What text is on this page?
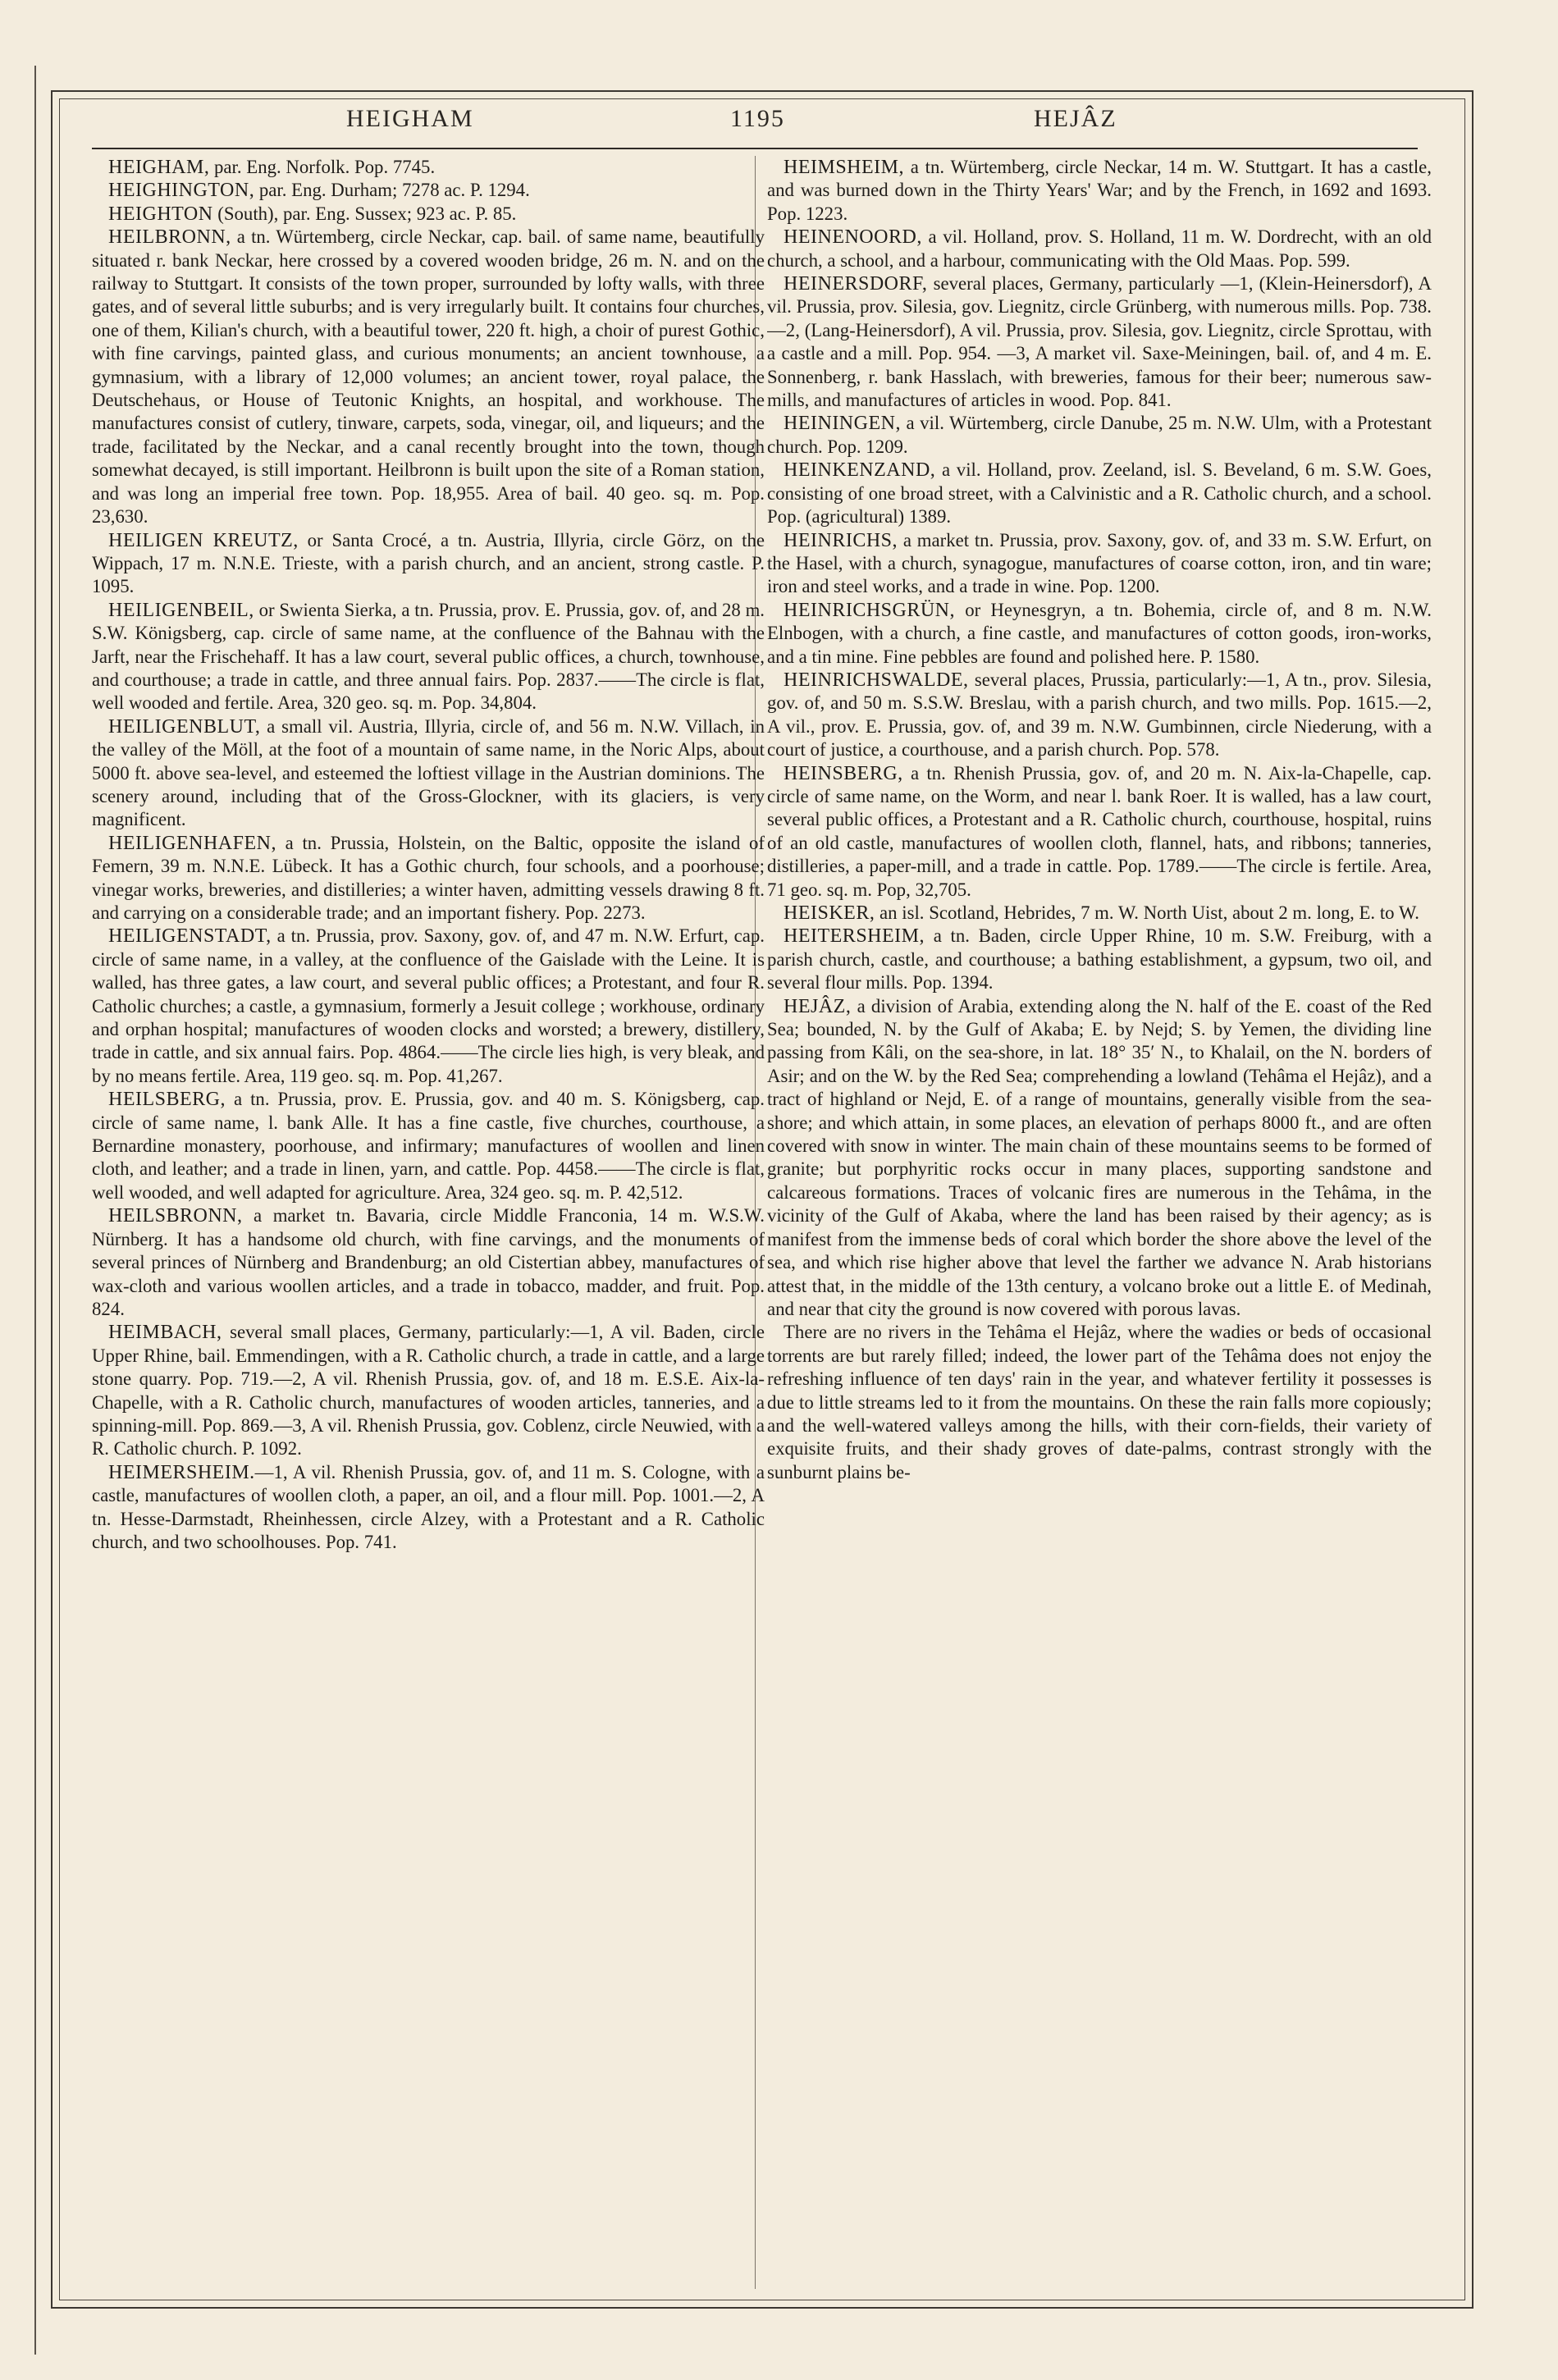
HEIGHAM	1195	HEJÂZ

HEIGHAM, par. Eng. Norfolk. Pop. 7745.

HEIGHINGTON, par. Eng. Durham; 7278 ac. P. 1294.

HEIGHTON (South), par. Eng. Sussex; 923 ac. P. 85.

HEILBRONN, a tn. Würtemberg, circle Neckar, cap. bail. of same name, beautifully situated r. bank Neckar, here crossed by a covered wooden bridge, 26 m. N. and on the railway to Stuttgart. It consists of the town proper, surrounded by lofty walls, with three gates, and of several little suburbs; and is very irregularly built. It contains four churches, one of them, Kilian's church, with a beautiful tower, 220 ft. high, a choir of purest Gothic, with fine carvings, painted glass, and curious monuments; an ancient townhouse, a gymnasium, with a library of 12,000 volumes; an ancient tower, royal palace, the Deutschehaus, or House of Teutonic Knights, an hospital, and workhouse. The manufactures consist of cutlery, tinware, carpets, soda, vinegar, oil, and liqueurs; and the trade, facilitated by the Neckar, and a canal recently brought into the town, though somewhat decayed, is still important. Heilbronn is built upon the site of a Roman station, and was long an imperial free town. Pop. 18,955. Area of bail. 40 geo. sq. m. Pop. 23,630.

HEILIGEN KREUTZ, or Santa Crocé, a tn. Austria, Illyria, circle Görz, on the Wippach, 17 m. N.N.E. Trieste, with a parish church, and an ancient, strong castle. P. 1095.

HEILIGENBEIL, or Swienta Sierka, a tn. Prussia, prov. E. Prussia, gov. of, and 28 m. S.W. Königsberg, cap. circle of same name, at the confluence of the Bahnau with the Jarft, near the Frischehaff. It has a law court, several public offices, a church, townhouse, and courthouse; a trade in cattle, and three annual fairs. Pop. 2837.——The circle is flat, well wooded and fertile. Area, 320 geo. sq. m. Pop. 34,804.

HEILIGENBLUT, a small vil. Austria, Illyria, circle of, and 56 m. N.W. Villach, in the valley of the Möll, at the foot of a mountain of same name, in the Noric Alps, about 5000 ft. above sea-level, and esteemed the loftiest village in the Austrian dominions. The scenery around, including that of the Gross-Glockner, with its glaciers, is very magnificent.

HEILIGENHAFEN, a tn. Prussia, Holstein, on the Baltic, opposite the island of Femern, 39 m. N.N.E. Lübeck. It has a Gothic church, four schools, and a poorhouse; vinegar works, breweries, and distilleries; a winter haven, admitting vessels drawing 8 ft. and carrying on a considerable trade; and an important fishery. Pop. 2273.

HEILIGENSTADT, a tn. Prussia, prov. Saxony, gov. of, and 47 m. N.W. Erfurt, cap. circle of same name, in a valley, at the confluence of the Gaislade with the Leine. It is walled, has three gates, a law court, and several public offices; a Protestant, and four R. Catholic churches; a castle, a gymnasium, formerly a Jesuit college ; workhouse, ordinary and orphan hospital; manufactures of wooden clocks and worsted; a brewery, distillery, trade in cattle, and six annual fairs. Pop. 4864.——The circle lies high, is very bleak, and by no means fertile. Area, 119 geo. sq. m. Pop. 41,267.

HEILSBERG, a tn. Prussia, prov. E. Prussia, gov. and 40 m. S. Königsberg, cap. circle of same name, l. bank Alle. It has a fine castle, five churches, courthouse, a Bernardine monastery, poorhouse, and infirmary; manufactures of woollen and linen cloth, and leather; and a trade in linen, yarn, and cattle. Pop. 4458.——The circle is flat, well wooded, and well adapted for agriculture. Area, 324 geo. sq. m. P. 42,512.

HEILSBRONN, a market tn. Bavaria, circle Middle Franconia, 14 m. W.S.W. Nürnberg. It has a handsome old church, with fine carvings, and the monuments of several princes of Nürnberg and Brandenburg; an old Cistertian abbey, manufactures of wax-cloth and various woollen articles, and a trade in tobacco, madder, and fruit. Pop. 824.

HEIMBACH, several small places, Germany, particularly:—1, A vil. Baden, circle Upper Rhine, bail. Emmendingen, with a R. Catholic church, a trade in cattle, and a large stone quarry. Pop. 719.—2, A vil. Rhenish Prussia, gov. of, and 18 m. E.S.E. Aix-la-Chapelle, with a R. Catholic church, manufactures of wooden articles, tanneries, and a spinning-mill. Pop. 869.—3, A vil. Rhenish Prussia, gov. Coblenz, circle Neuwied, with a R. Catholic church. P. 1092.

HEIMERSHEIM.—1, A vil. Rhenish Prussia, gov. of, and 11 m. S. Cologne, with a castle, manufactures of woollen cloth, a paper, an oil, and a flour mill. Pop. 1001.—2, A tn. Hesse-Darmstadt, Rheinhessen, circle Alzey, with a Protestant and a R. Catholic church, and two schoolhouses. Pop. 741.

HEIMSHEIM, a tn. Würtemberg, circle Neckar, 14 m. W. Stuttgart. It has a castle, and was burned down in the Thirty Years' War; and by the French, in 1692 and 1693. Pop. 1223.

HEINENOORD, a vil. Holland, prov. S. Holland, 11 m. W. Dordrecht, with an old church, a school, and a harbour, communicating with the Old Maas. Pop. 599.

HEINERSDORF, several places, Germany, particularly —1, (Klein-Heinersdorf), A vil. Prussia, prov. Silesia, gov. Liegnitz, circle Grünberg, with numerous mills. Pop. 738. —2, (Lang-Heinersdorf), A vil. Prussia, prov. Silesia, gov. Liegnitz, circle Sprottau, with a castle and a mill. Pop. 954. —3, A market vil. Saxe-Meiningen, bail. of, and 4 m. E. Sonnenberg, r. bank Hasslach, with breweries, famous for their beer; numerous saw-mills, and manufactures of articles in wood. Pop. 841.

HEININGEN, a vil. Würtemberg, circle Danube, 25 m. N.W. Ulm, with a Protestant church. Pop. 1209.

HEINKENZAND, a vil. Holland, prov. Zeeland, isl. S. Beveland, 6 m. S.W. Goes, consisting of one broad street, with a Calvinistic and a R. Catholic church, and a school. Pop. (agricultural) 1389.

HEINRICHS, a market tn. Prussia, prov. Saxony, gov. of, and 33 m. S.W. Erfurt, on the Hasel, with a church, synagogue, manufactures of coarse cotton, iron, and tin ware; iron and steel works, and a trade in wine. Pop. 1200.

HEINRICHSGRÜN, or Heynesgryn, a tn. Bohemia, circle of, and 8 m. N.W. Elnbogen, with a church, a fine castle, and manufactures of cotton goods, iron-works, and a tin mine. Fine pebbles are found and polished here. P. 1580.

HEINRICHSWALDE, several places, Prussia, particularly:—1, A tn., prov. Silesia, gov. of, and 50 m. S.S.W. Breslau, with a parish church, and two mills. Pop. 1615.—2, A vil., prov. E. Prussia, gov. of, and 39 m. N.W. Gumbinnen, circle Niederung, with a court of justice, a courthouse, and a parish church. Pop. 578.

HEINSBERG, a tn. Rhenish Prussia, gov. of, and 20 m. N. Aix-la-Chapelle, cap. circle of same name, on the Worm, and near l. bank Roer. It is walled, has a law court, several public offices, a Protestant and a R. Catholic church, courthouse, hospital, ruins of an old castle, manufactures of woollen cloth, flannel, hats, and ribbons; tanneries, distilleries, a paper-mill, and a trade in cattle. Pop. 1789.——The circle is fertile. Area, 71 geo. sq. m. Pop, 32,705.

HEISKER, an isl. Scotland, Hebrides, 7 m. W. North Uist, about 2 m. long, E. to W.

HEITERSHEIM, a tn. Baden, circle Upper Rhine, 10 m. S.W. Freiburg, with a parish church, castle, and courthouse; a bathing establishment, a gypsum, two oil, and several flour mills. Pop. 1394.

HEJÂZ, a division of Arabia, extending along the N. half of the E. coast of the Red Sea; bounded, N. by the Gulf of Akaba; E. by Nejd; S. by Yemen, the dividing line passing from Kâli, on the sea-shore, in lat. 18° 35′ N., to Khalail, on the N. borders of Asir; and on the W. by the Red Sea; comprehending a lowland (Tehâma el Hejâz), and a tract of highland or Nejd, E. of a range of mountains, generally visible from the sea-shore; and which attain, in some places, an elevation of perhaps 8000 ft., and are often covered with snow in winter. The main chain of these mountains seems to be formed of granite; but porphyritic rocks occur in many places, supporting sandstone and calcareous formations. Traces of volcanic fires are numerous in the Tehâma, in the vicinity of the Gulf of Akaba, where the land has been raised by their agency; as is manifest from the immense beds of coral which border the shore above the level of the sea, and which rise higher above that level the farther we advance N. Arab historians attest that, in the middle of the 13th century, a volcano broke out a little E. of Medinah, and near that city the ground is now covered with porous lavas.

There are no rivers in the Tehâma el Hejâz, where the wadies or beds of occasional torrents are but rarely filled; indeed, the lower part of the Tehâma does not enjoy the refreshing influence of ten days' rain in the year, and whatever fertility it possesses is due to little streams led to it from the mountains. On these the rain falls more copiously; and the well-watered valleys among the hills, with their corn-fields, their variety of exquisite fruits, and their shady groves of date-palms, contrast strongly with the sunburnt plains be-
